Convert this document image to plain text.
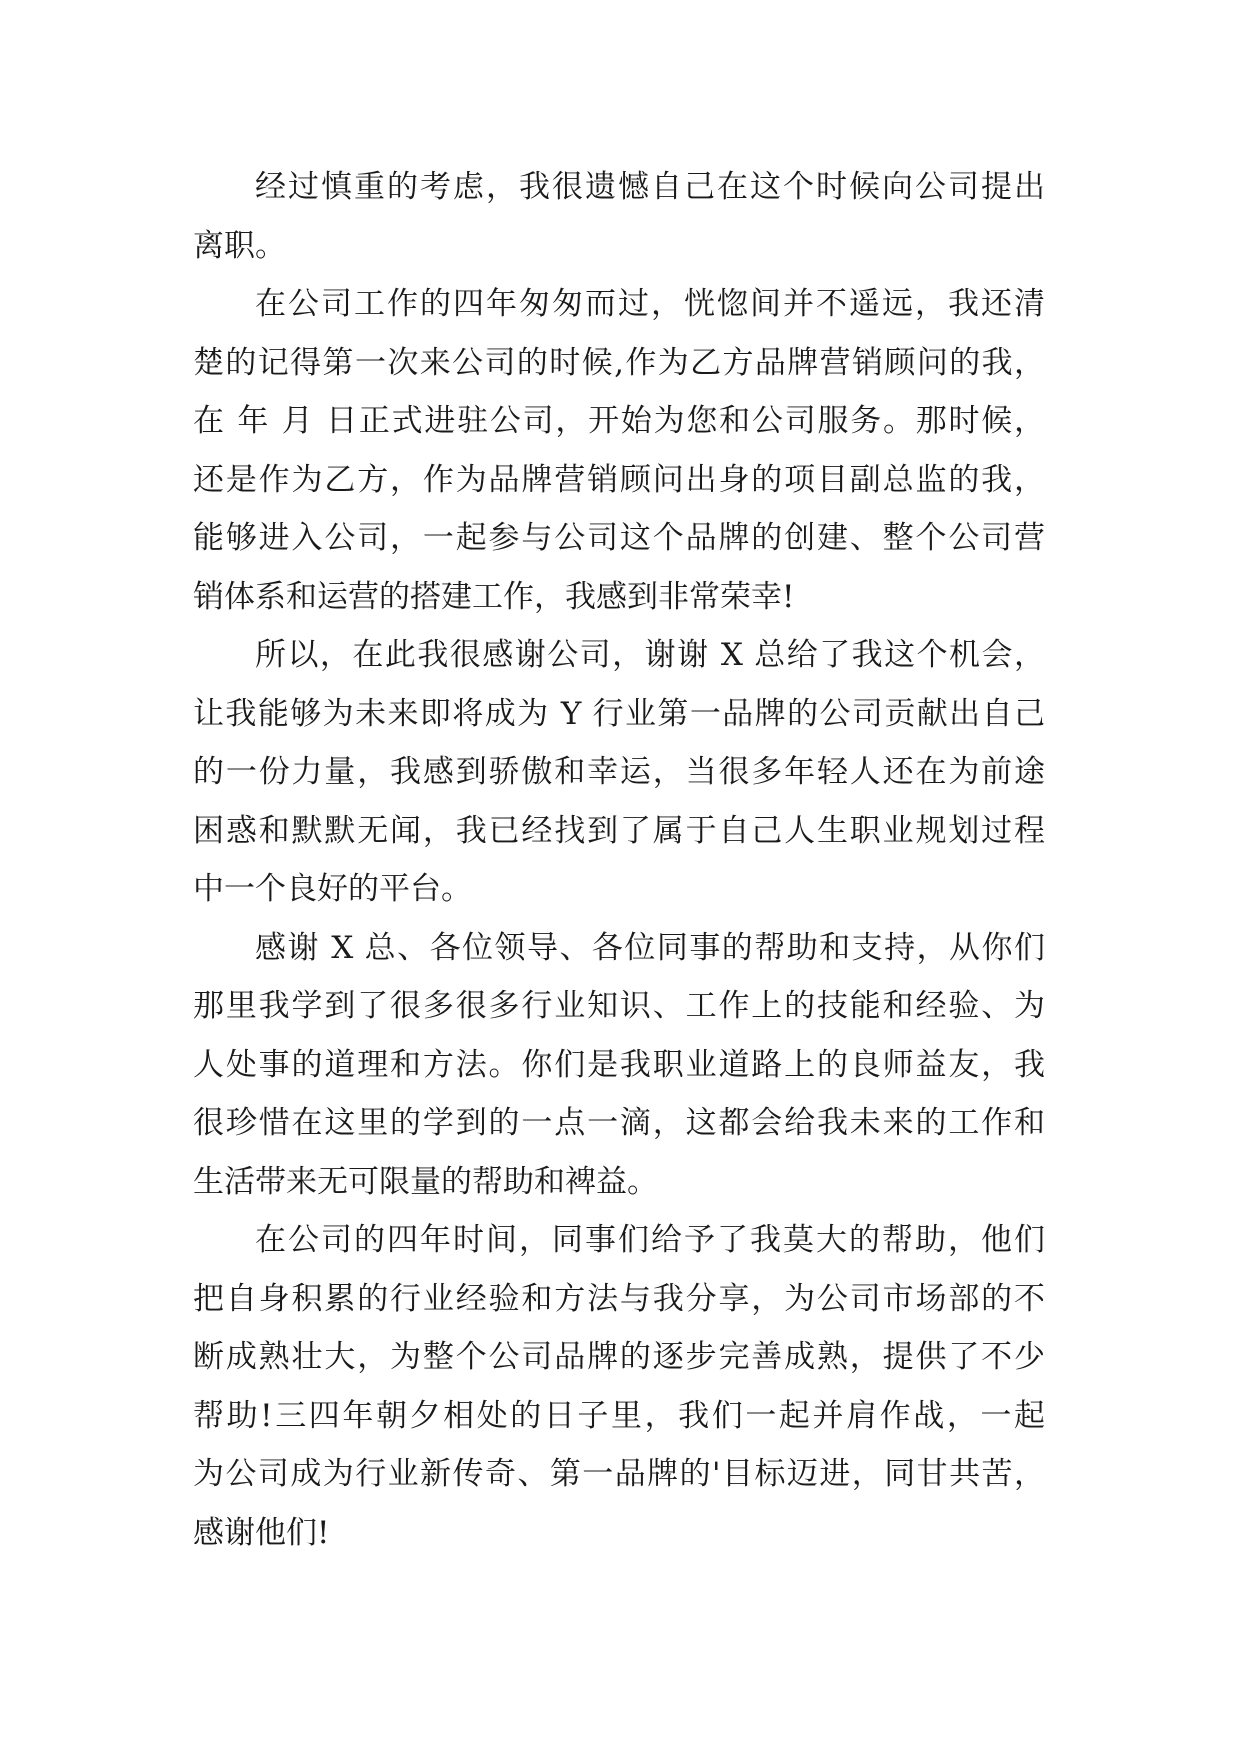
经过慎重的考虑，我很遗憾自己在这个时候向公司提出
离职。
在公司工作的四年匆匆而过，恍惚间并不遥远，我还清
楚的记得第一次来公司的时候,作为乙方品牌营销顾问的我，
在 年 月 日正式进驻公司，开始为您和公司服务。那时候，
还是作为乙方，作为品牌营销顾问出身的项目副总监的我，
能够进入公司，一起参与公司这个品牌的创建、整个公司营
销体系和运营的搭建工作，我感到非常荣幸!
所以，在此我很感谢公司，谢谢 X 总给了我这个机会，
让我能够为未来即将成为 Y 行业第一品牌的公司贡献出自己
的一份力量，我感到骄傲和幸运，当很多年轻人还在为前途
困惑和默默无闻，我已经找到了属于自己人生职业规划过程
中一个良好的平台。
感谢 X 总、各位领导、各位同事的帮助和支持，从你们
那里我学到了很多很多行业知识、工作上的技能和经验、为
人处事的道理和方法。你们是我职业道路上的良师益友，我
很珍惜在这里的学到的一点一滴，这都会给我未来的工作和
生活带来无可限量的帮助和裨益。
在公司的四年时间，同事们给予了我莫大的帮助，他们
把自身积累的行业经验和方法与我分享，为公司市场部的不
断成熟壮大，为整个公司品牌的逐步完善成熟，提供了不少
帮助!三四年朝夕相处的日子里，我们一起并肩作战，一起
为公司成为行业新传奇、第一品牌的'目标迈进，同甘共苦，
感谢他们!
